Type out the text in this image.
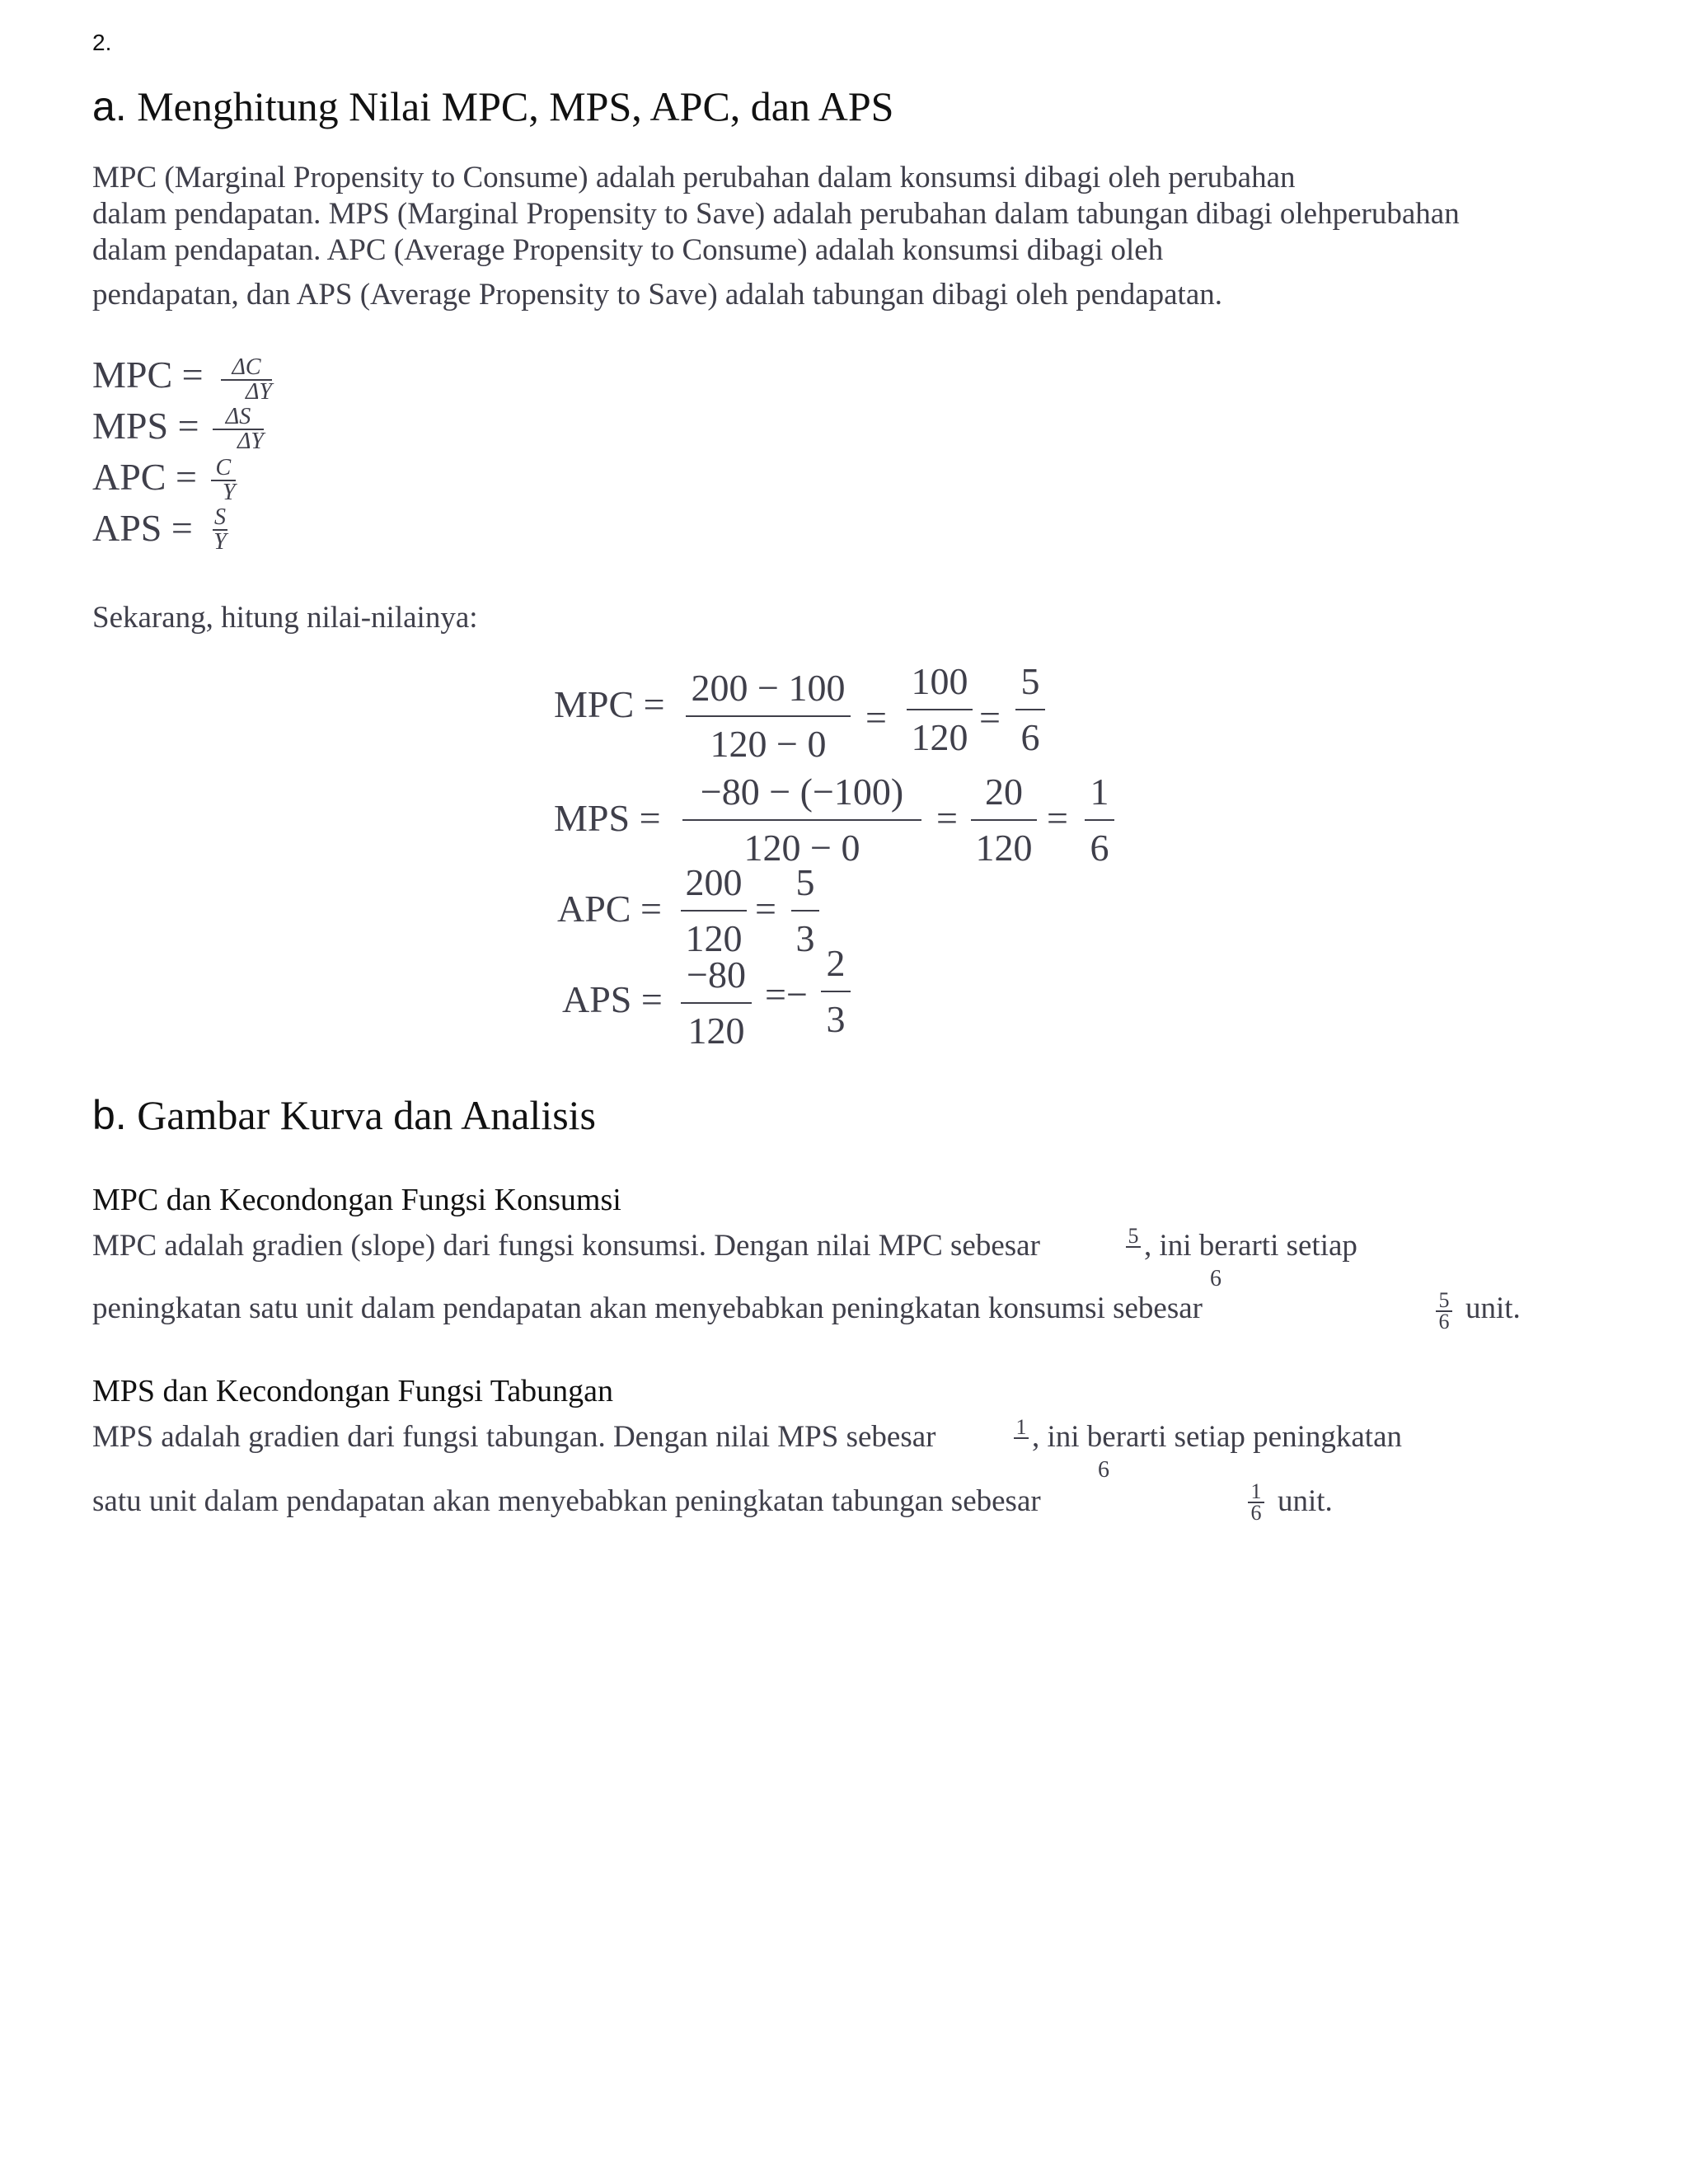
2.
a. Menghitung Nilai MPC, MPS, APC, dan APS
MPC (Marginal Propensity to Consume) adalah perubahan dalam konsumsi dibagi oleh perubahan
dalam pendapatan. MPS (Marginal Propensity to Save) adalah perubahan dalam tabungan dibagi olehperubahan
dalam pendapatan. APC (Average Propensity to Consume) adalah konsumsi dibagi oleh
pendapatan, dan APS (Average Propensity to Save) adalah tabungan dibagi oleh pendapatan.
MPC =	ΔC
ΔY
MPS =	ΔS
ΔY
APC = C
Y
APS = S
Y
Sekarang, hitung nilai-nilainya:
MPC = 200 − 100
120 − 0
=
100
120 =
5
6
MPS =
−80 − (−100)
120 − 0
=
20
120
=
1
6
APC =
200
120
=
5
3
APS =
−80
120
=−
2
3
b. Gambar Kurva dan Analisis
MPC dan Kecondongan Fungsi Konsumsi
MPC adalah gradien (slope) dari fungsi konsumsi. Dengan nilai MPC sebesar	5 , ini berarti setiap
6
peningkatan satu unit dalam pendapatan akan menyebabkan peningkatan konsumsi sebesar	5
6 unit.
MPS dan Kecondongan Fungsi Tabungan
MPS adalah gradien dari fungsi tabungan. Dengan nilai MPS sebesar	1 , ini berarti setiap peningkatan
6
satu unit dalam pendapatan akan menyebabkan peningkatan tabungan sebesar	1
6 unit.
